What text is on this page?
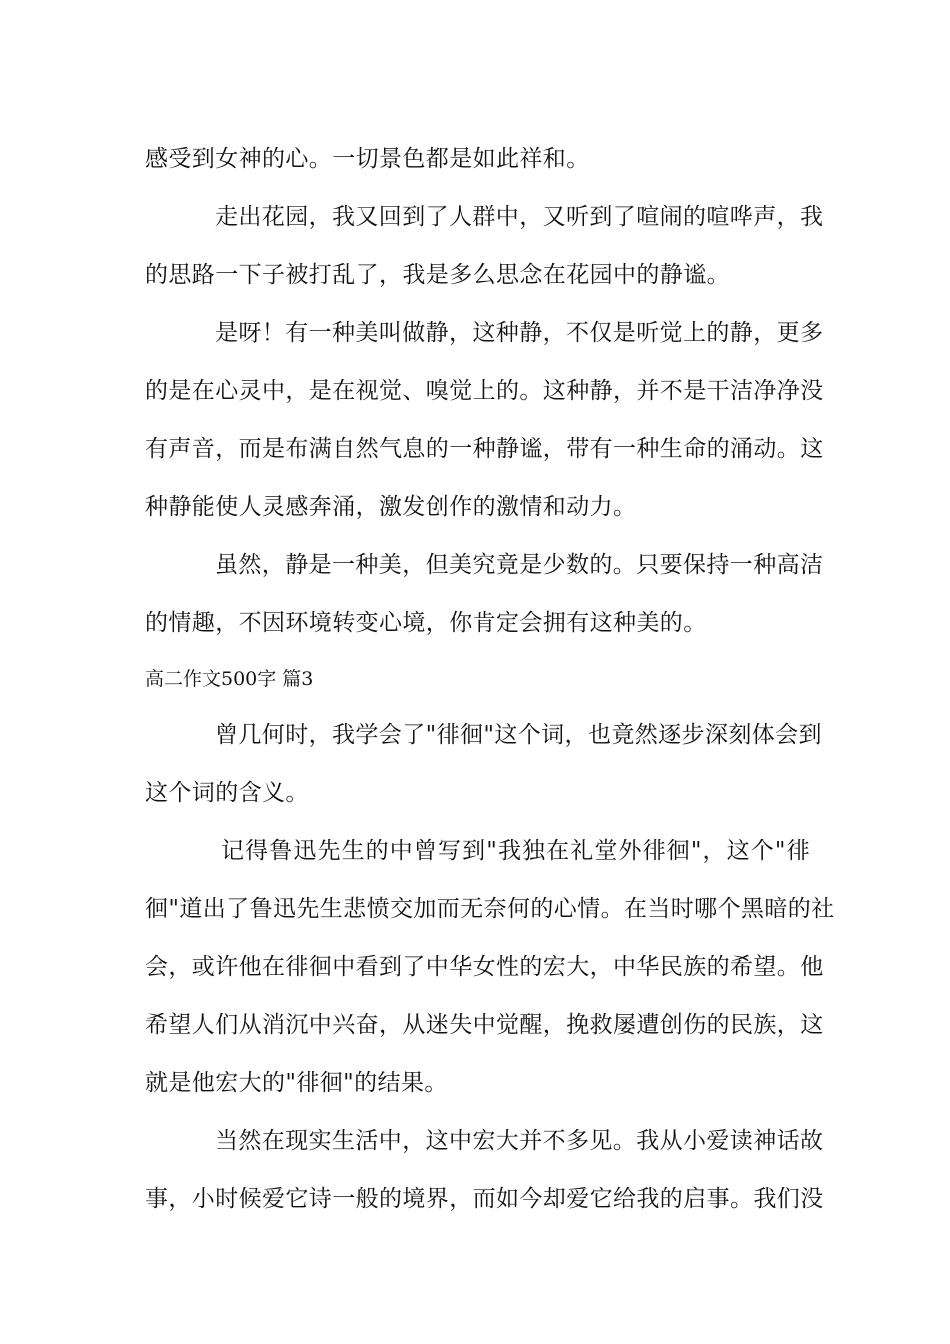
感受到女神的心。一切景色都是如此祥和。
走出花园，我又回到了人群中，又听到了喧闹的喧哗声，我
的思路一下子被打乱了，我是多么思念在花园中的静谧。
是呀！有一种美叫做静，这种静，不仅是听觉上的静，更多
的是在心灵中，是在视觉、嗅觉上的。这种静，并不是干洁净净没
有声音，而是布满自然气息的一种静谧，带有一种生命的涌动。这
种静能使人灵感奔涌，激发创作的激情和动力。
虽然，静是一种美，但美究竟是少数的。只要保持一种高洁
的情趣，不因环境转变心境，你肯定会拥有这种美的。
高二作文500字 篇3
曾几何时，我学会了"徘徊"这个词，也竟然逐步深刻体会到
这个词的含义。
记得鲁迅先生的中曾写到"我独在礼堂外徘徊"，这个"徘
徊"道出了鲁迅先生悲愤交加而无奈何的心情。在当时哪个黑暗的社
会，或许他在徘徊中看到了中华女性的宏大，中华民族的希望。他
希望人们从消沉中兴奋，从迷失中觉醒，挽救屡遭创伤的民族，这
就是他宏大的"徘徊"的结果。
当然在现实生活中，这中宏大并不多见。我从小爱读神话故
事，小时候爱它诗一般的境界，而如今却爱它给我的启事。我们没
